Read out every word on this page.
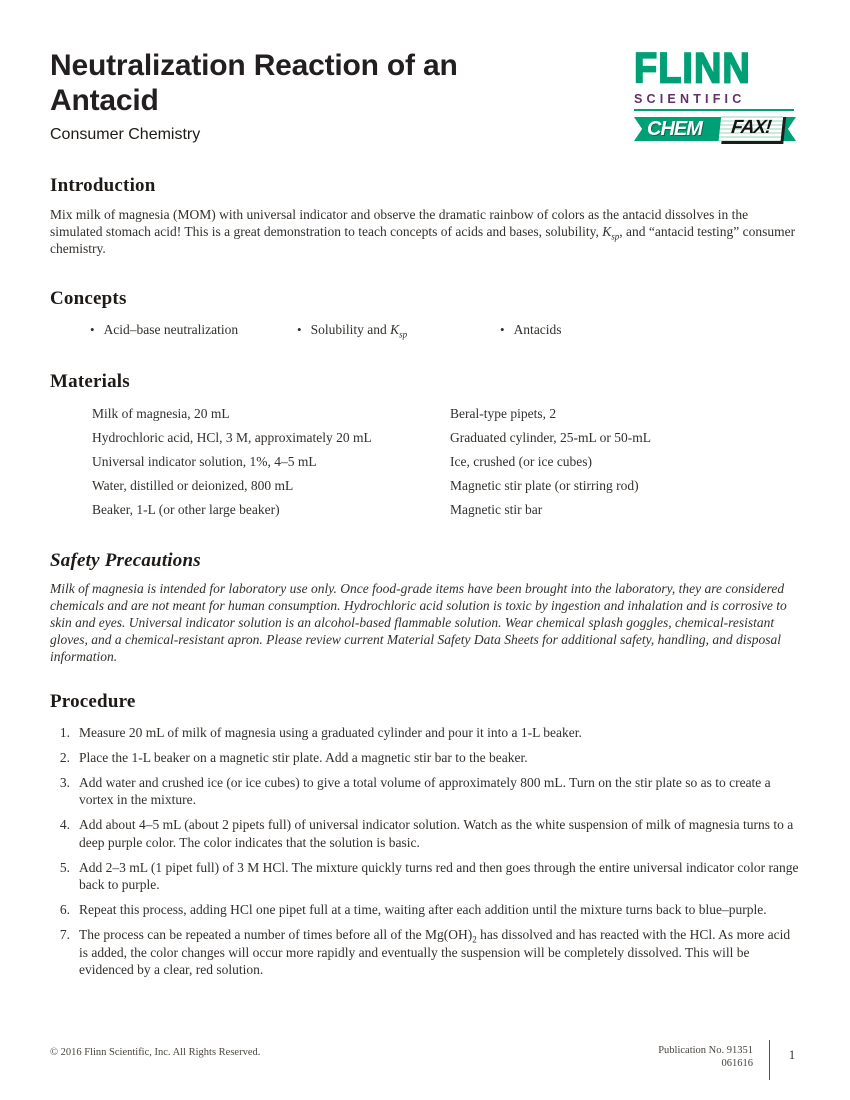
Neutralization Reaction of an
Antacid
Consumer Chemistry
FLINN
SCIENTIFIC
CHEM FAX!
Introduction

Mix milk of magnesia (MOM) with universal indicator and observe the dramatic rainbow of colors as the antacid dissolves in the simulated stomach acid! This is a great demonstration to teach concepts of acids and bases, solubility, $K_{sp}$, and “antacid testing” consumer chemistry.

Concepts
• Acid–base neutralization	• Solubility and $K_{sp}$	• Antacids
Materials
Milk of magnesia, 20 mL	Beral-type pipets, 2
Hydrochloric acid, HCl, 3 M, approximately 20 mL	Graduated cylinder, 25-mL or 50-mL
Universal indicator solution, 1%, 4–5 mL	Ice, crushed (or ice cubes)
Water, distilled or deionized, 800 mL	Magnetic stir plate (or stirring rod)
Beaker, 1-L (or other large beaker)	Magnetic stir bar
Safety Precautions

Milk of magnesia is intended for laboratory use only. Once food-grade items have been brought into the laboratory, they are considered chemicals and are not meant for human consumption. Hydrochloric acid solution is toxic by ingestion and inhalation and is corrosive to skin and eyes. Universal indicator solution is an alcohol-based flammable solution. Wear chemical splash goggles, chemical-resistant gloves, and a chemical-resistant apron. Please review current Material Safety Data Sheets for additional safety, handling, and disposal information.

Procedure
1. Measure 20 mL of milk of magnesia using a graduated cylinder and pour it into a 1-L beaker.
2. Place the 1-L beaker on a magnetic stir plate. Add a magnetic stir bar to the beaker.
3. Add water and crushed ice (or ice cubes) to give a total volume of approximately 800 mL. Turn on the stir plate so as to create a vortex in the mixture.
4. Add about 4–5 mL (about 2 pipets full) of universal indicator solution. Watch as the white suspension of milk of magnesia turns to a deep purple color. The color indicates that the solution is basic.
5. Add 2–3 mL (1 pipet full) of 3 M HCl. The mixture quickly turns red and then goes through the entire universal indicator color range back to purple.
6. Repeat this process, adding HCl one pipet full at a time, waiting after each addition until the mixture turns back to blue–purple.
7. The process can be repeated a number of times before all of the $Mg(OH)_2$ has dissolved and has reacted with the HCl. As more acid is added, the color changes will occur more rapidly and eventually the suspension will be completely dissolved. This will be evidenced by a clear, red solution.
© 2016 Flinn Scientific, Inc. All Rights Reserved.	Publication No. 91351
061616
1
